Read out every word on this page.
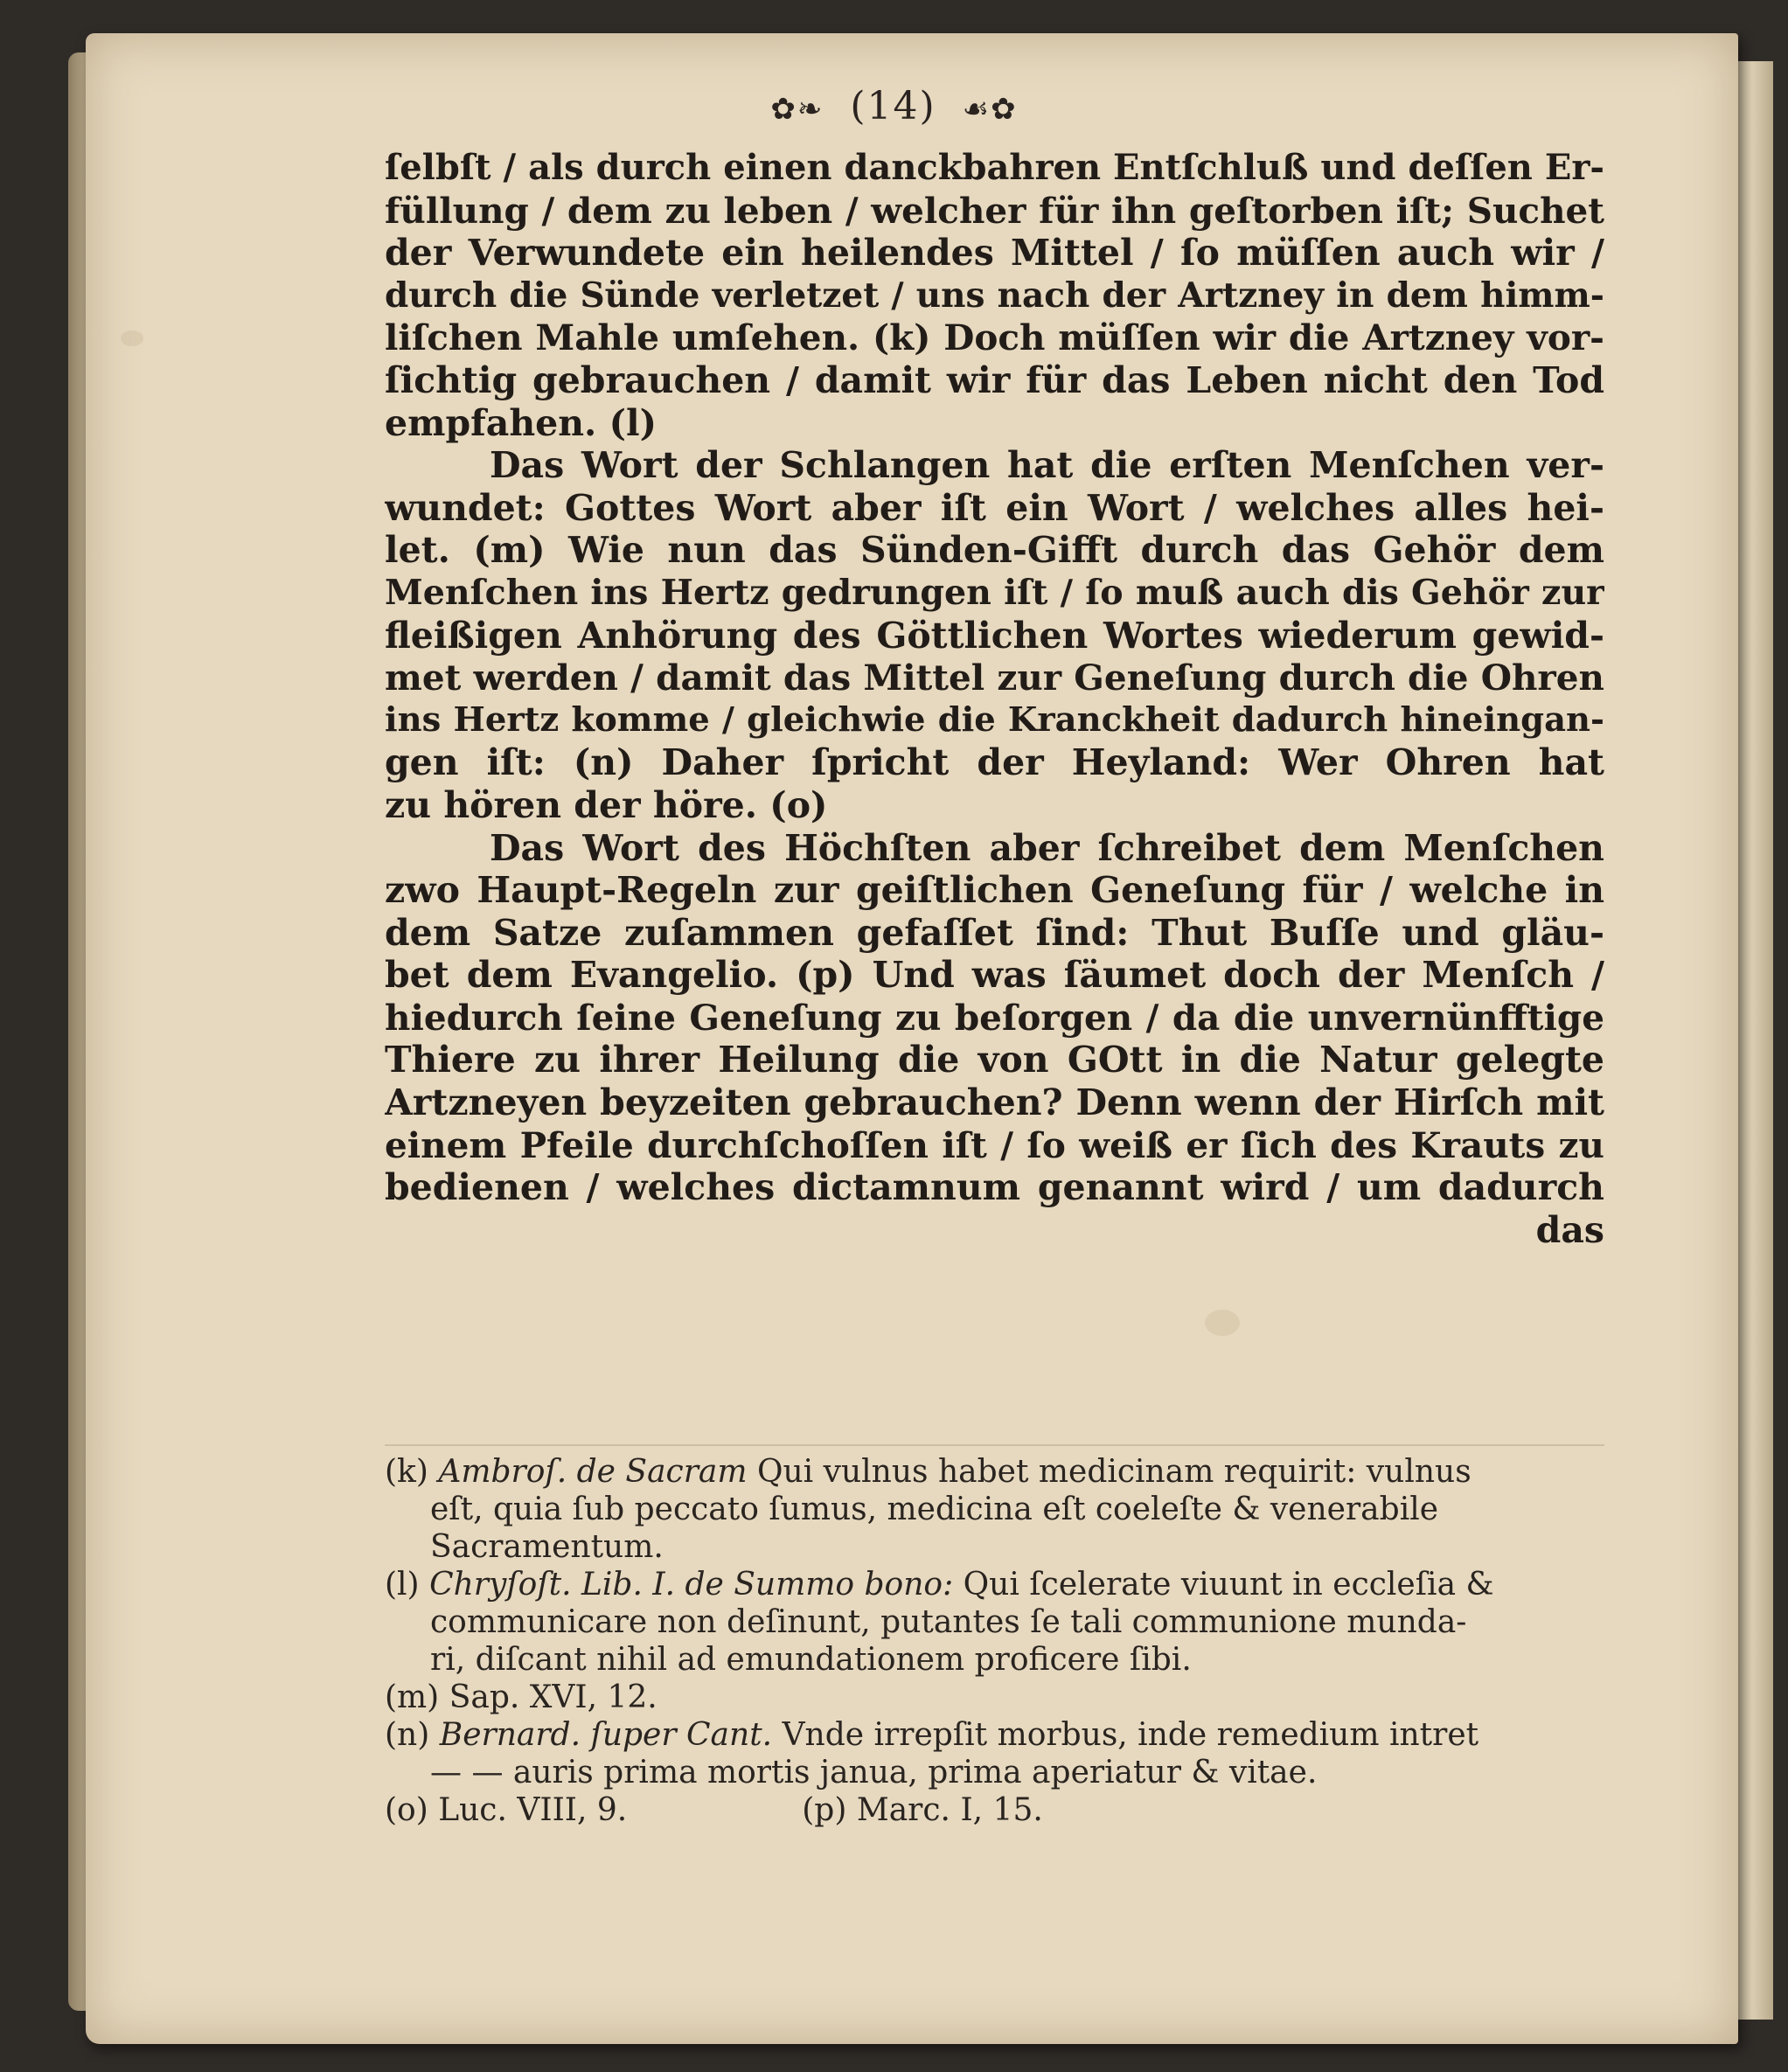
✿❧ (14) ☙✿
ſelbſt / als durch einen danckbahren Entſchluß und deſſen Er-
füllung / dem zu leben / welcher für ihn geſtorben iſt; Suchet
der Verwundete ein heilendes Mittel / ſo müſſen auch wir /
durch die Sünde verletzet / uns nach der Artzney in dem himm-
liſchen Mahle umſehen. (k) Doch müſſen wir die Artzney vor-
ſichtig gebrauchen / damit wir für das Leben nicht den Tod
empfahen. (l)
Das Wort der Schlangen hat die erſten Menſchen ver-
wundet: Gottes Wort aber iſt ein Wort / welches alles hei-
let. (m) Wie nun das Sünden-Gifft durch das Gehör dem
Menſchen ins Hertz gedrungen iſt / ſo muß auch dis Gehör zur
fleißigen Anhörung des Göttlichen Wortes wiederum gewid-
met werden / damit das Mittel zur Geneſung durch die Ohren
ins Hertz komme / gleichwie die Kranckheit dadurch hineingan-
gen iſt: (n) Daher ſpricht der Heyland: Wer Ohren hat
zu hören der höre. (o)
Das Wort des Höchſten aber ſchreibet dem Menſchen
zwo Haupt-Regeln zur geiſtlichen Geneſung für / welche in
dem Satze zuſammen gefaſſet ſind: Thut Buſſe und gläu-
bet dem Evangelio. (p) Und was ſäumet doch der Menſch /
hiedurch ſeine Geneſung zu beſorgen / da die unvernünfftige
Thiere zu ihrer Heilung die von GOtt in die Natur gelegte
Artzneyen beyzeiten gebrauchen? Denn wenn der Hirſch mit
einem Pfeile durchſchoſſen iſt / ſo weiß er ſich des Krauts zu
bedienen / welches dictamnum genannt wird / um dadurch
das
(k) Ambroſ. de Sacram Qui vulnus habet medicinam requirit: vulnus
eſt, quia ſub peccato ſumus, medicina eſt coeleſte & venerabile
Sacramentum.
(l) Chryſoſt. Lib. I. de Summo bono: Qui ſcelerate viuunt in eccleſia &
communicare non deſinunt, putantes ſe tali communione munda-
ri, diſcant nihil ad emundationem proficere ſibi.
(m) Sap. XVI, 12.
(n) Bernard. ſuper Cant. Vnde irrepſit morbus, inde remedium intret
— — auris prima mortis janua, prima aperiatur & vitae.
(o) Luc. VIII, 9.	(p) Marc. I, 15.
